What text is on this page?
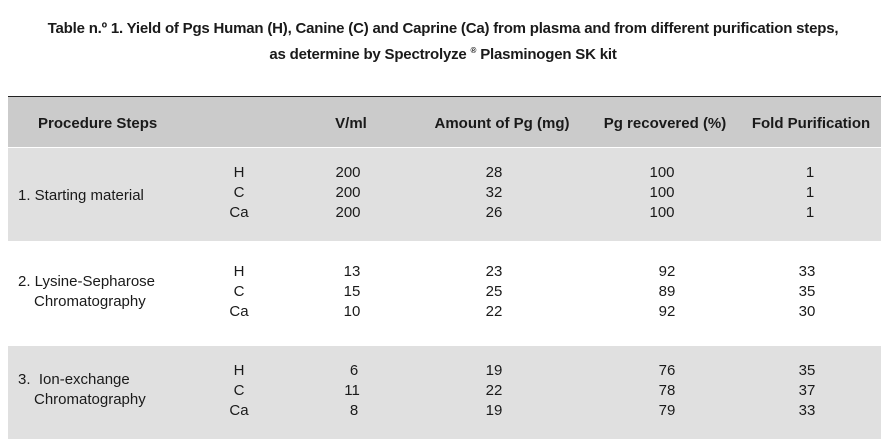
Table n.º 1. Yield of Pgs Human (H), Canine (C) and Caprine (Ca) from plasma and from different purification steps,
as determine by Spectrolyze ® Plasminogen SK kit
Procedure Steps	V/ml	Amount of Pg (mg) Pg recovered (%) Fold Purification
1. Starting material
H
C
Ca
200
200
200
28
32
26
100
100
100
1
1
1
2. Lysine-Sepharose
Chromatography
H
C
Ca
13
15
10
23
25
22
92
89
92
33
35
30
3.  Ion-exchange
Chromatography
H
C
Ca
6
11
8
19
22
19
76
78
79
35
37
33
